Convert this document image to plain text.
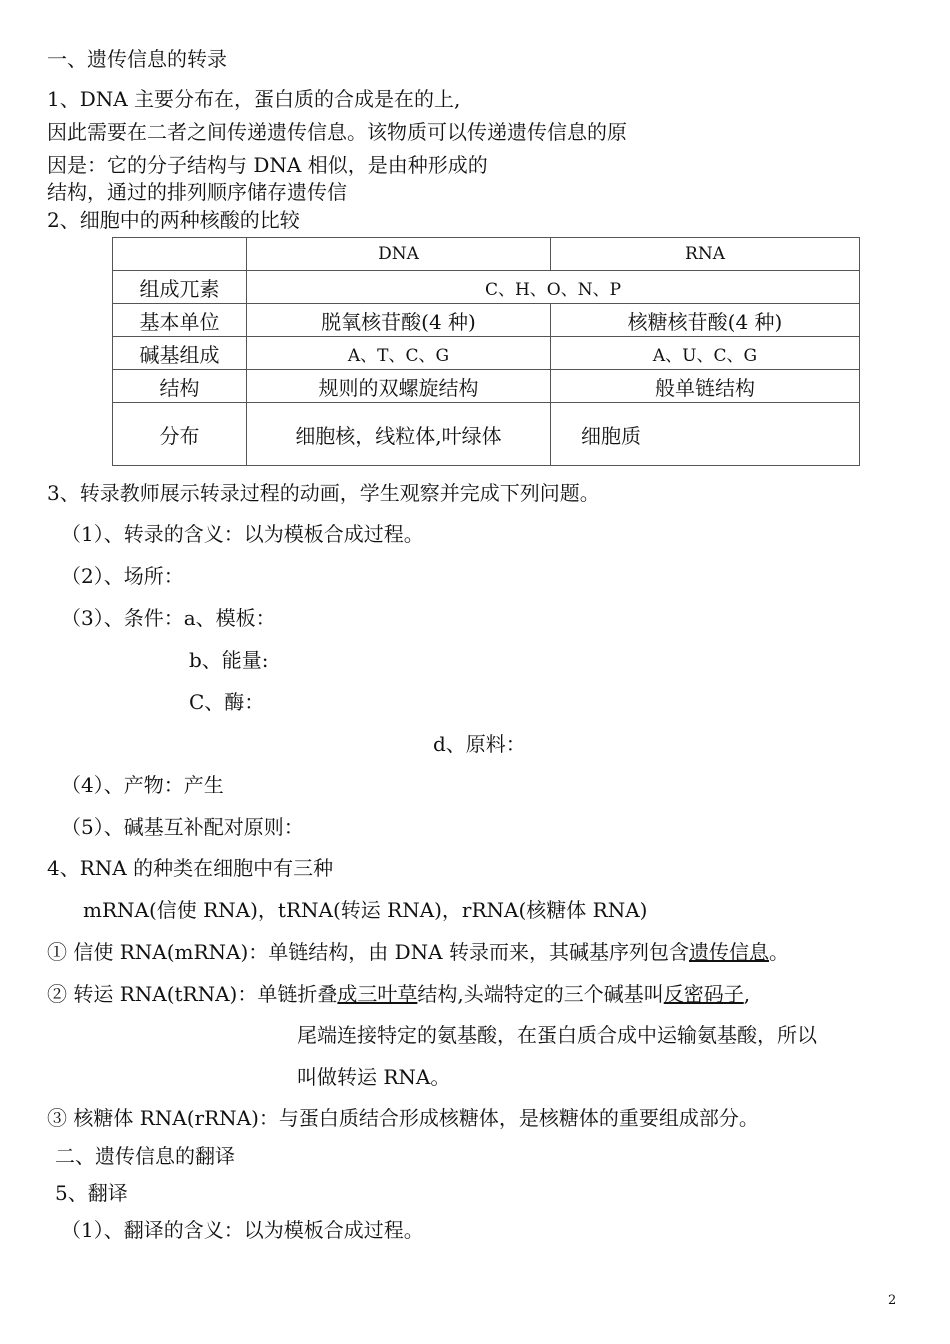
一、遗传信息的转录
1、DNA 主要分布在，蛋白质的合成是在的上,
因此需要在二者之间传递遗传信息。该物质可以传递遗传信息的原
因是：它的分子结构与 DNA 相似，是由种形成的
结构，通过的排列顺序储存遗传信
2、细胞中的两种核酸的比较
	DNA	RNA
组成兀素	C、H、O、N、P	
基本单位	脱氧核苷酸(4 种)	核糖核苷酸(4 种)
碱基组成	A、T、C、G	A、U、C、G
结构	规则的双螺旋结构	般单链结构
分布	细胞核，线粒体,叶绿体	细胞质
3、转录教师展示转录过程的动画，学生观察并完成下列问题。
（1）、转录的含义：以为模板合成过程。
（2）、场所：
（3）、条件：a、模板：
b、能量:
C、酶：
d、原料：
（4）、产物：产生
（5）、碱基互补配对原则：
4、RNA 的种类在细胞中有三种
mRNA(信使 RNA)，tRNA(转运 RNA)，rRNA(核糖体 RNA)
① 信使 RNA(mRNA)：单链结构，由 DNA 转录而来，其碱基序列包含遗传信息。
② 转运 RNA(tRNA)：单链折叠成三叶草结构,头端特定的三个碱基叫反密码子,
尾端连接特定的氨基酸，在蛋白质合成中运输氨基酸，所以
叫做转运 RNA。
③ 核糖体 RNA(rRNA)：与蛋白质结合形成核糖体，是核糖体的重要组成部分。
二、遗传信息的翻译
5、翻译
（1）、翻译的含义：以为模板合成过程。
2
